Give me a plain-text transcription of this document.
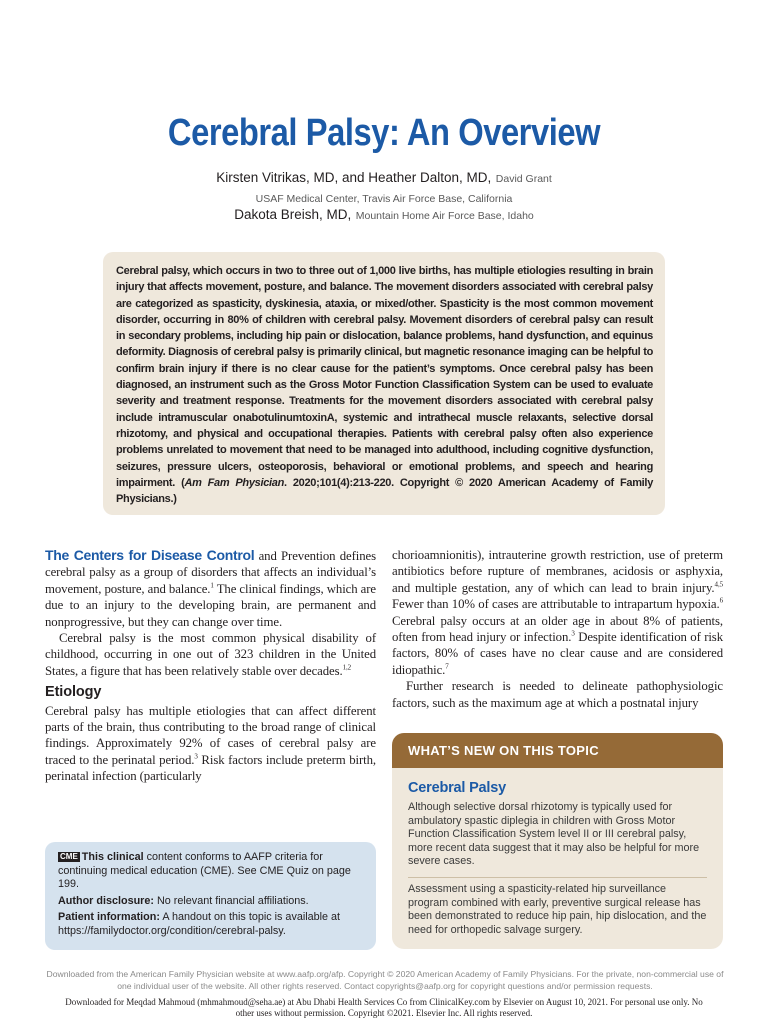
Cerebral Palsy: An Overview
Kirsten Vitrikas, MD, and Heather Dalton, MD, David Grant
USAF Medical Center, Travis Air Force Base, California
Dakota Breish, MD, Mountain Home Air Force Base, Idaho

Cerebral palsy, which occurs in two to three out of 1,000 live births, has multiple etiologies resulting in brain injury that affects movement, posture, and balance. The movement disorders associated with cerebral palsy are categorized as spasticity, dyskinesia, ataxia, or mixed/other. Spasticity is the most common movement disorder, occurring in 80% of children with cerebral palsy. Movement disorders of cerebral palsy can result in secondary problems, including hip pain or dislocation, balance problems, hand dysfunction, and equinus deformity. Diagnosis of cerebral palsy is primarily clinical, but magnetic resonance imaging can be helpful to confirm brain injury if there is no clear cause for the patient’s symptoms. Once cerebral palsy has been diagnosed, an instrument such as the Gross Motor Function Classification System can be used to evaluate severity and treatment response. Treatments for the movement disorders associated with cerebral palsy include intramuscular onabotulinumtoxinA, systemic and intrathecal muscle relaxants, selective dorsal rhizotomy, and physical and occupational therapies. Patients with cerebral palsy often also experience problems unrelated to movement that need to be managed into adulthood, including cognitive dysfunction, seizures, pressure ulcers, osteoporosis, behavioral or emotional problems, and speech and hearing impairment. (Am Fam Physician. 2020;101(4):213-220. Copyright © 2020 American Academy of Family Physicians.)

The Centers for Disease Control and Prevention defines cerebral palsy as a group of disorders that affects an individual’s movement, posture, and balance.$^1$ The clinical findings, which are due to an injury to the developing brain, are permanent and nonprogressive, but they can change over time.

Cerebral palsy is the most common physical disability of childhood, occurring in one out of 323 children in the United States, a figure that has been relatively stable over decades.$^{1,2}$

Etiology

Cerebral palsy has multiple etiologies that can affect different parts of the brain, thus contributing to the broad range of clinical findings. Approximately 92% of cases of cerebral palsy are traced to the perinatal period.$^3$ Risk factors include preterm birth, perinatal infection (particularly

chorioamnionitis), intrauterine growth restriction, use of preterm antibiotics before rupture of membranes, acidosis or asphyxia, and multiple gestation, any of which can lead to brain injury.$^{4,5}$ Fewer than 10% of cases are attributable to intrapartum hypoxia.$^6$ Cerebral palsy occurs at an older age in about 8% of patients, often from head injury or infection.$^3$ Despite identification of risk factors, 80% of cases have no clear cause and are considered idiopathic.$^7$

Further research is needed to delineate pathophysiologic factors, such as the maximum age at which a postnatal injury

CME This clinical content conforms to AAFP criteria for continuing medical education (CME). See CME Quiz on page 199.

Author disclosure: No relevant financial affiliations.

Patient information: A handout on this topic is available at https://familydoctor.org/condition/cerebral-palsy.

WHAT’S NEW ON THIS TOPIC
Cerebral Palsy
Although selective dorsal rhizotomy is typically used for ambulatory spastic diplegia in children with Gross Motor Function Classification System level II or III cerebral palsy, more recent data suggest that it may also be helpful for more severe cases.
Assessment using a spasticity-related hip surveillance program combined with early, preventive surgical release has been demonstrated to reduce hip pain, hip dislocation, and the need for orthopedic salvage surgery.
Downloaded from the American Family Physician website at www.aafp.org/afp. Copyright © 2020 American Academy of Family Physicians. For the private, non-commercial use of one individual user of the website. All other rights reserved. Contact copyrights@aafp.org for copyright questions and/or permission requests.
Downloaded for Meqdad Mahmoud (mhmahmoud@seha.ae) at Abu Dhabi Health Services Co from ClinicalKey.com by Elsevier on August 10, 2021. For personal use only. No other uses without permission. Copyright ©2021. Elsevier Inc. All rights reserved.
